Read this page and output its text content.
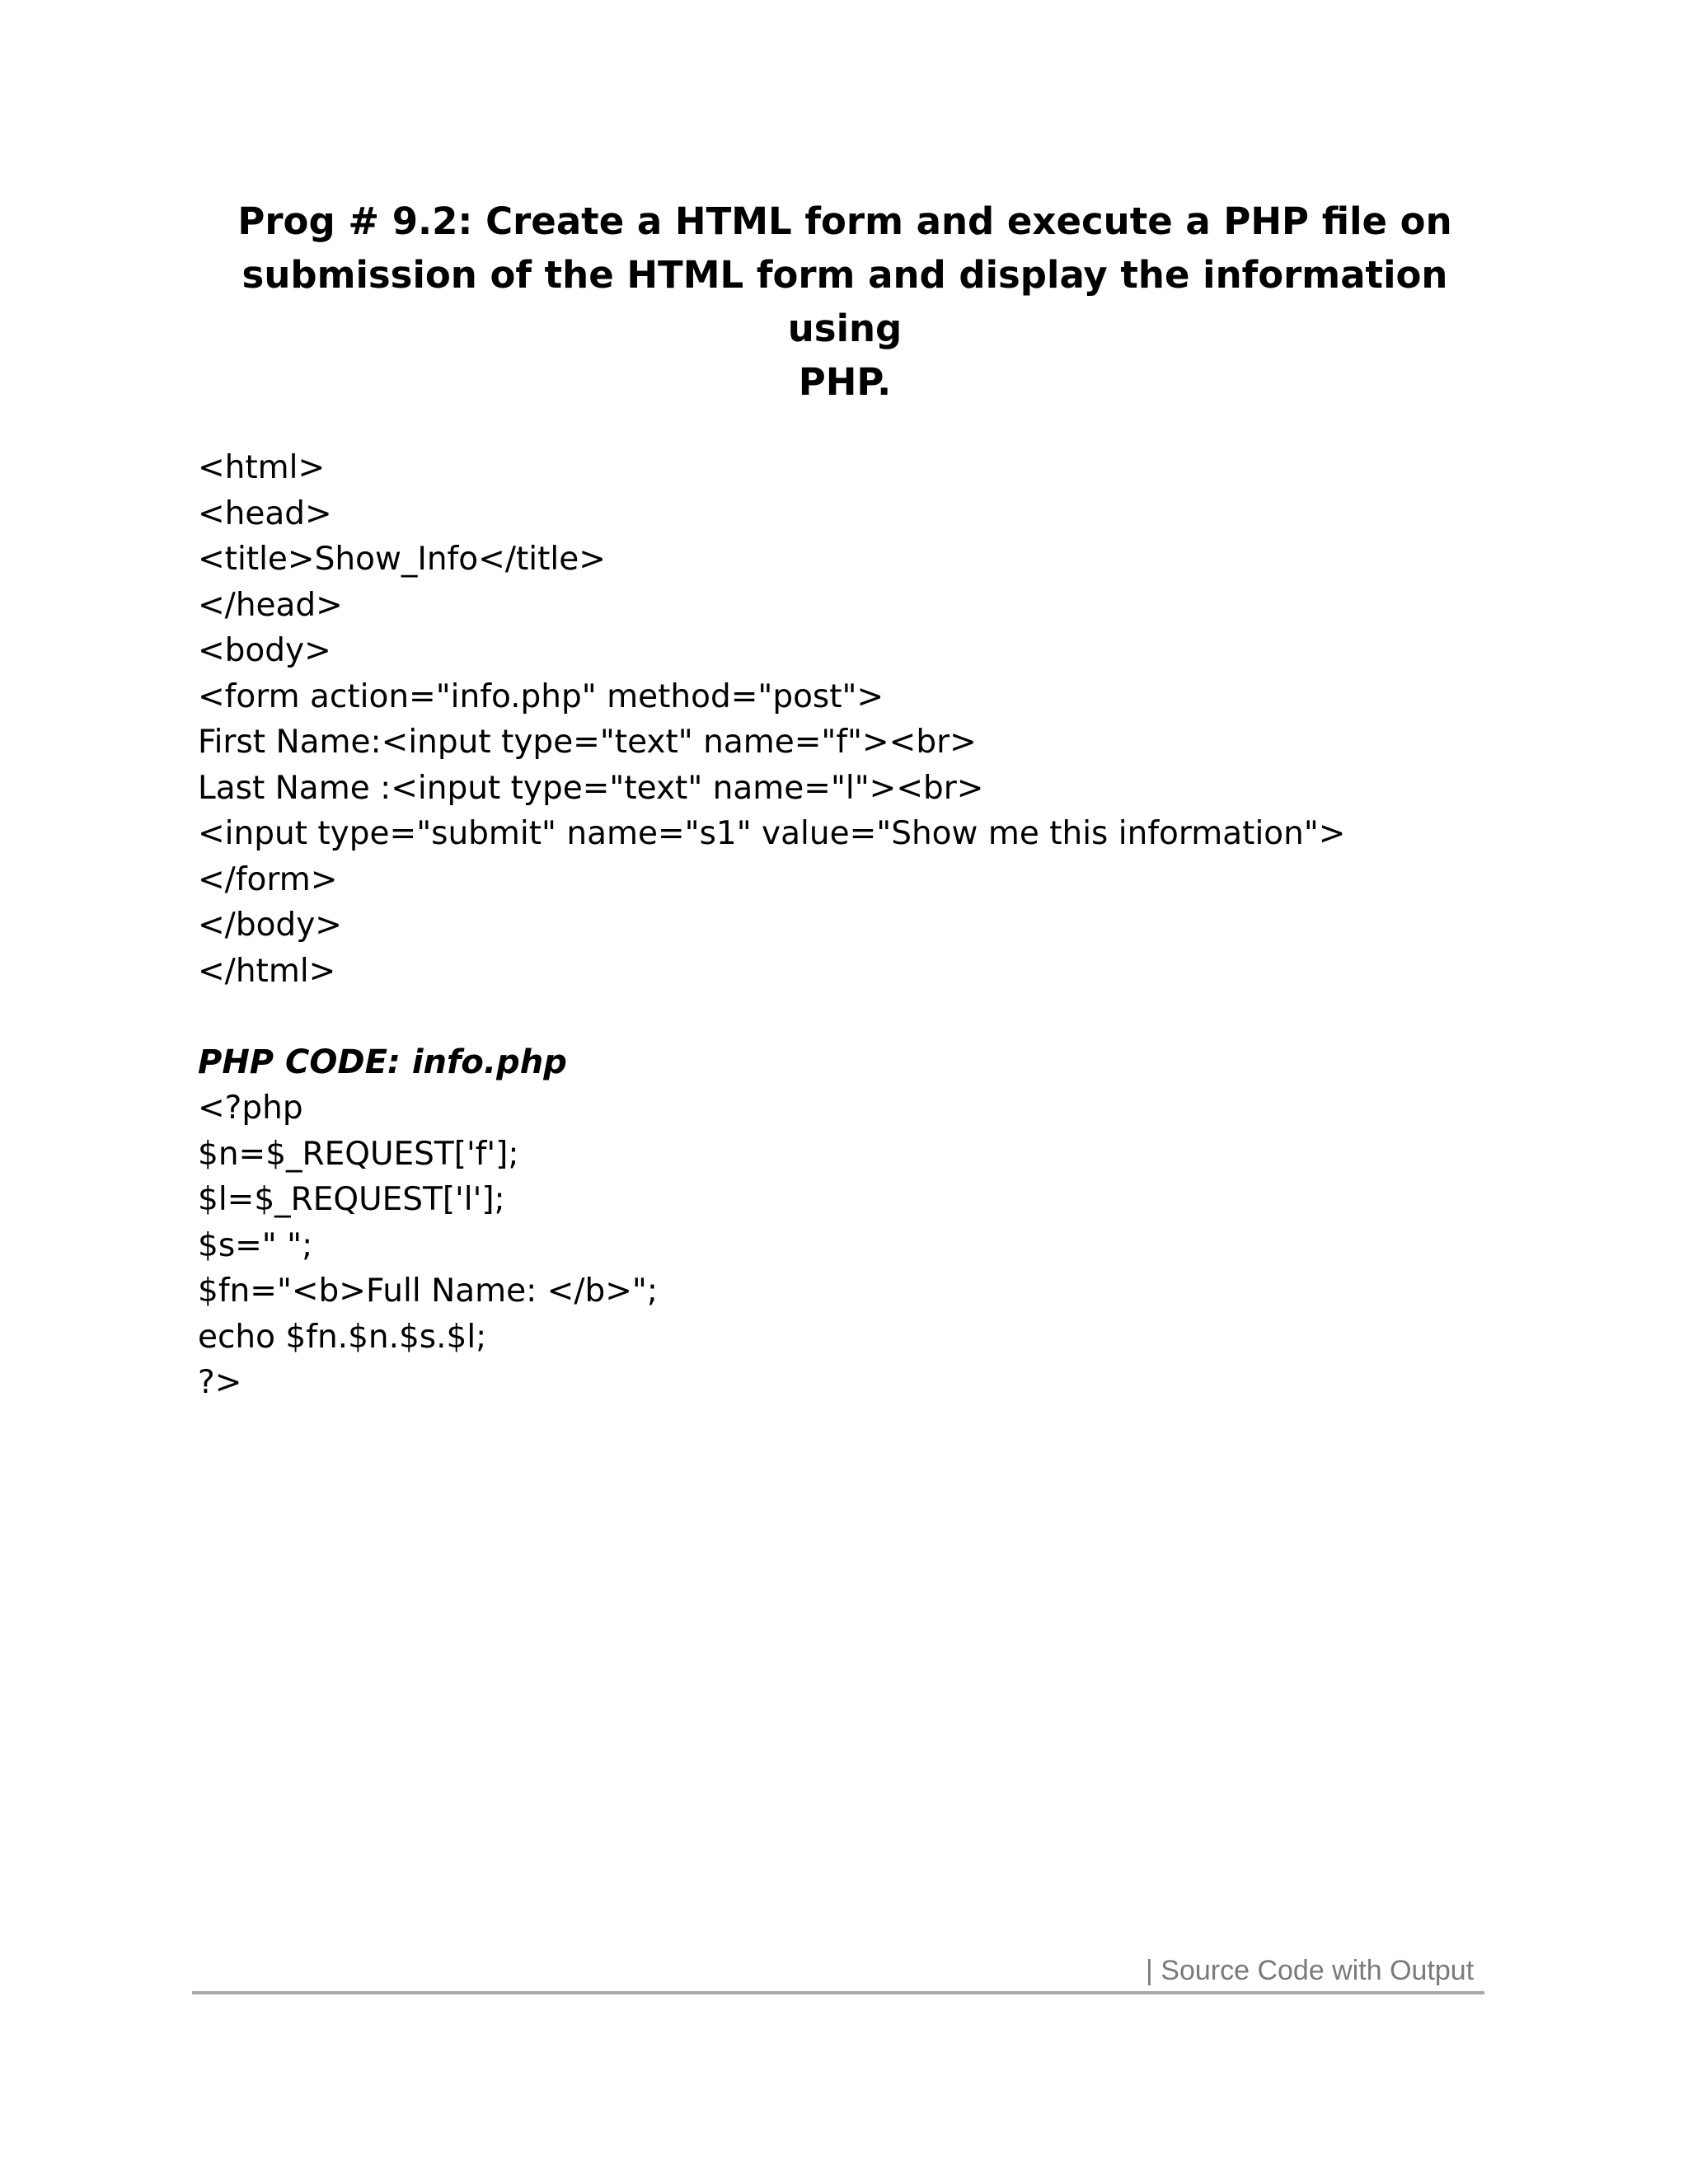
Prog # 9.2: Create a HTML form and execute a PHP file on
submission of the HTML form and display the information using
PHP.
<html>
<head>
<title>Show_Info</title>
</head>
<body>
<form action="info.php" method="post">
First Name:<input type="text" name="f"><br>
Last Name :<input type="text" name="l"><br>
<input type="submit" name="s1" value="Show me this information">
</form>
</body>
</html>
PHP CODE: info.php
<?php
$n=$_REQUEST['f'];
$l=$_REQUEST['l'];
$s=" ";
$fn="<b>Full Name: </b>";
echo $fn.$n.$s.$l;
?>
| Source Code with Output
